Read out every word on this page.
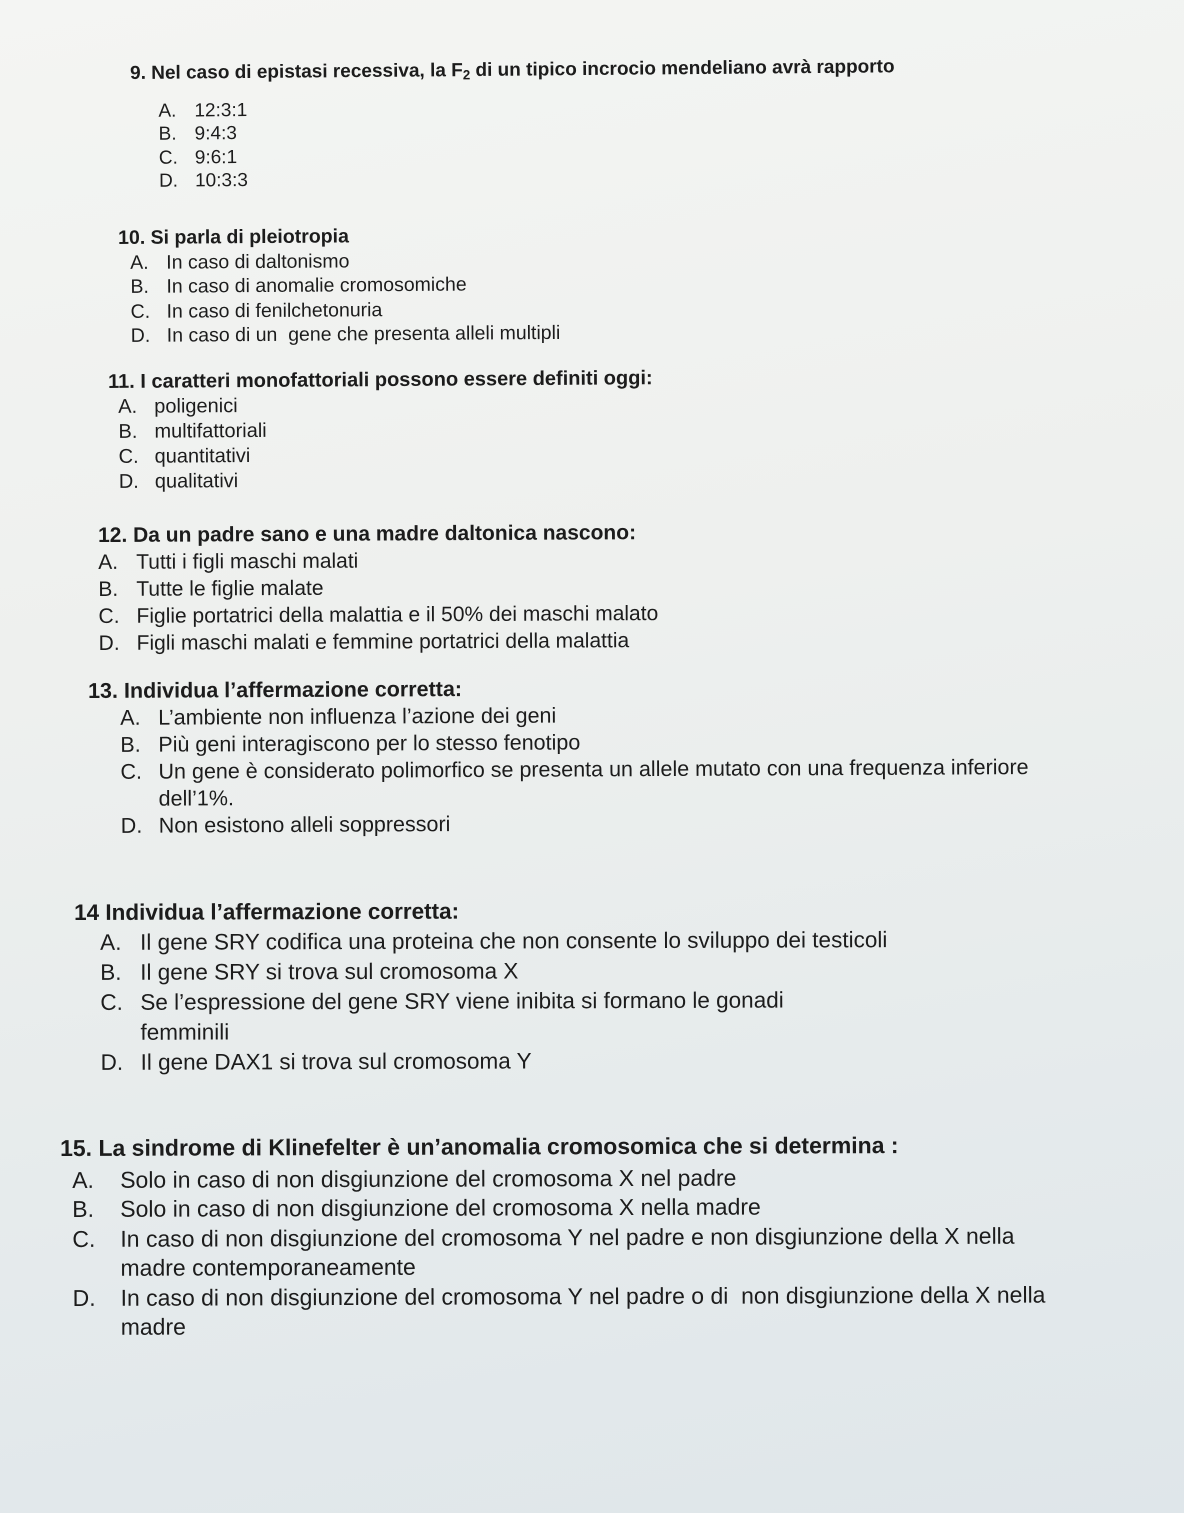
9. Nel caso di epistasi recessiva, la $F_2$ di un tipico incrocio mendeliano avrà rapporto
A. 12:3:1
B. 9:4:3
C. 9:6:1
D. 10:3:3
10. Si parla di pleiotropia
A. In caso di daltonismo
B. In caso di anomalie cromosomiche
C. In caso di fenilchetonuria
D. In caso di un  gene che presenta alleli multipli
11. I caratteri monofattoriali possono essere definiti oggi:
A. poligenici
B. multifattoriali
C. quantitativi
D. qualitativi
12. Da un padre sano e una madre daltonica nascono:
A. Tutti i figli maschi malati
B. Tutte le figlie malate
C. Figlie portatrici della malattia e il 50% dei maschi malato
D. Figli maschi malati e femmine portatrici della malattia
13. Individua l’affermazione corretta:
A. L’ambiente non influenza l’azione dei geni
B. Più geni interagiscono per lo stesso fenotipo
C. Un gene è considerato polimorfico se presenta un allele mutato con una frequenza inferiore
dell’1%.
D. Non esistono alleli soppressori
14 Individua l’affermazione corretta:
A. Il gene SRY codifica una proteina che non consente lo sviluppo dei testicoli
B. Il gene SRY si trova sul cromosoma X
C. Se l’espressione del gene SRY viene inibita si formano le gonadi
femminili
D. Il gene DAX1 si trova sul cromosoma Y
15. La sindrome di Klinefelter è un’anomalia cromosomica che si determina :
A.	Solo in caso di non disgiunzione del cromosoma X nel padre
B.	Solo in caso di non disgiunzione del cromosoma X nella madre
C.	In caso di non disgiunzione del cromosoma Y nel padre e non disgiunzione della X nella
madre contemporaneamente
D.	In caso di non disgiunzione del cromosoma Y nel padre o di  non disgiunzione della X nella
madre
